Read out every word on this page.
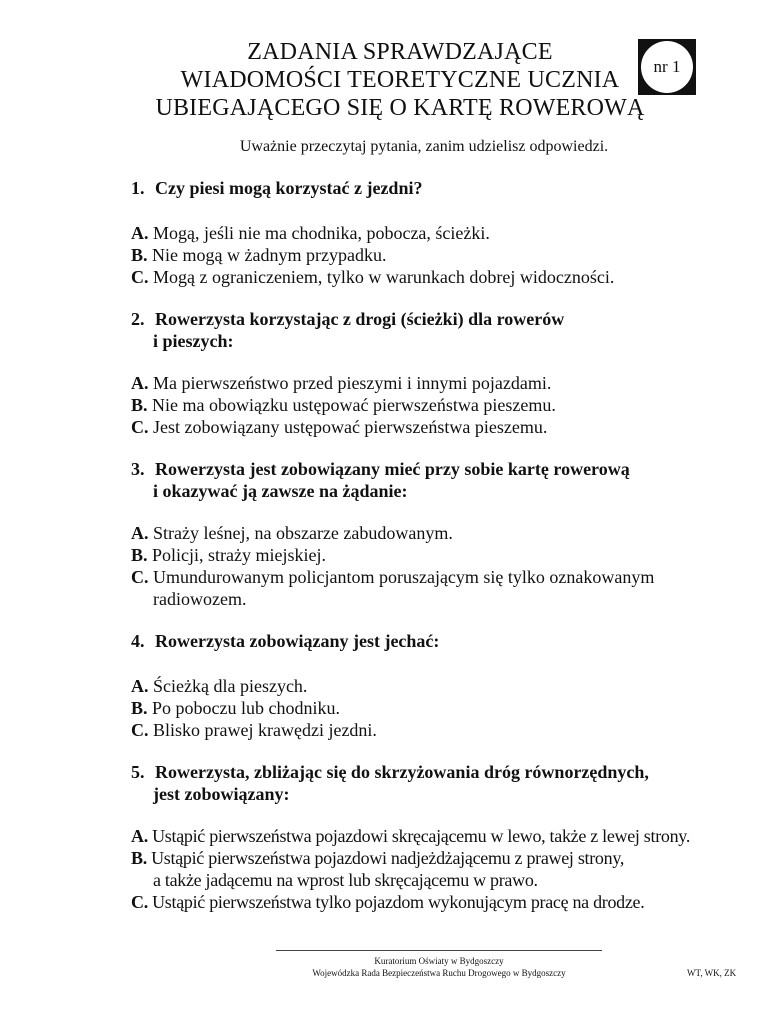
ZADANIA SPRAWDZAJĄCE
WIADOMOŚCI TEORETYCZNE UCZNIA
UBIEGAJĄCEGO SIĘ O KARTĘ ROWEROWĄ
nr 1
Uważnie przeczytaj pytania, zanim udzielisz odpowiedzi.
1. Czy piesi mogą korzystać z jezdni?
A. Mogą, jeśli nie ma chodnika, pobocza, ścieżki.
B. Nie mogą w żadnym przypadku.
C. Mogą z ograniczeniem, tylko w warunkach dobrej widoczności.
2. Rowerzysta korzystając z drogi (ścieżki) dla rowerów
i pieszych:
A. Ma pierwszeństwo przed pieszymi i innymi pojazdami.
B. Nie ma obowiązku ustępować pierwszeństwa pieszemu.
C. Jest zobowiązany ustępować pierwszeństwa pieszemu.
3. Rowerzysta jest zobowiązany mieć przy sobie kartę rowerową
i okazywać ją zawsze na żądanie:
A. Straży leśnej, na obszarze zabudowanym.
B. Policji, straży miejskiej.
C. Umundurowanym policjantom poruszającym się tylko oznakowanym
radiowozem.
4. Rowerzysta zobowiązany jest jechać:
A. Ścieżką dla pieszych.
B. Po poboczu lub chodniku.
C. Blisko prawej krawędzi jezdni.
5. Rowerzysta, zbliżając się do skrzyżowania dróg równorzędnych,
jest zobowiązany:
A. Ustąpić pierwszeństwa pojazdowi skręcającemu w lewo, także z lewej strony.
B. Ustąpić pierwszeństwa pojazdowi nadjeżdżającemu z prawej strony,
a także jadącemu na wprost lub skręcającemu w prawo.
C. Ustąpić pierwszeństwa tylko pojazdom wykonującym pracę na drodze.
Kuratorium Oświaty w Bydgoszczy
Wojewódzka Rada Bezpieczeństwa Ruchu Drogowego w Bydgoszczy	WT, WK, ZK
